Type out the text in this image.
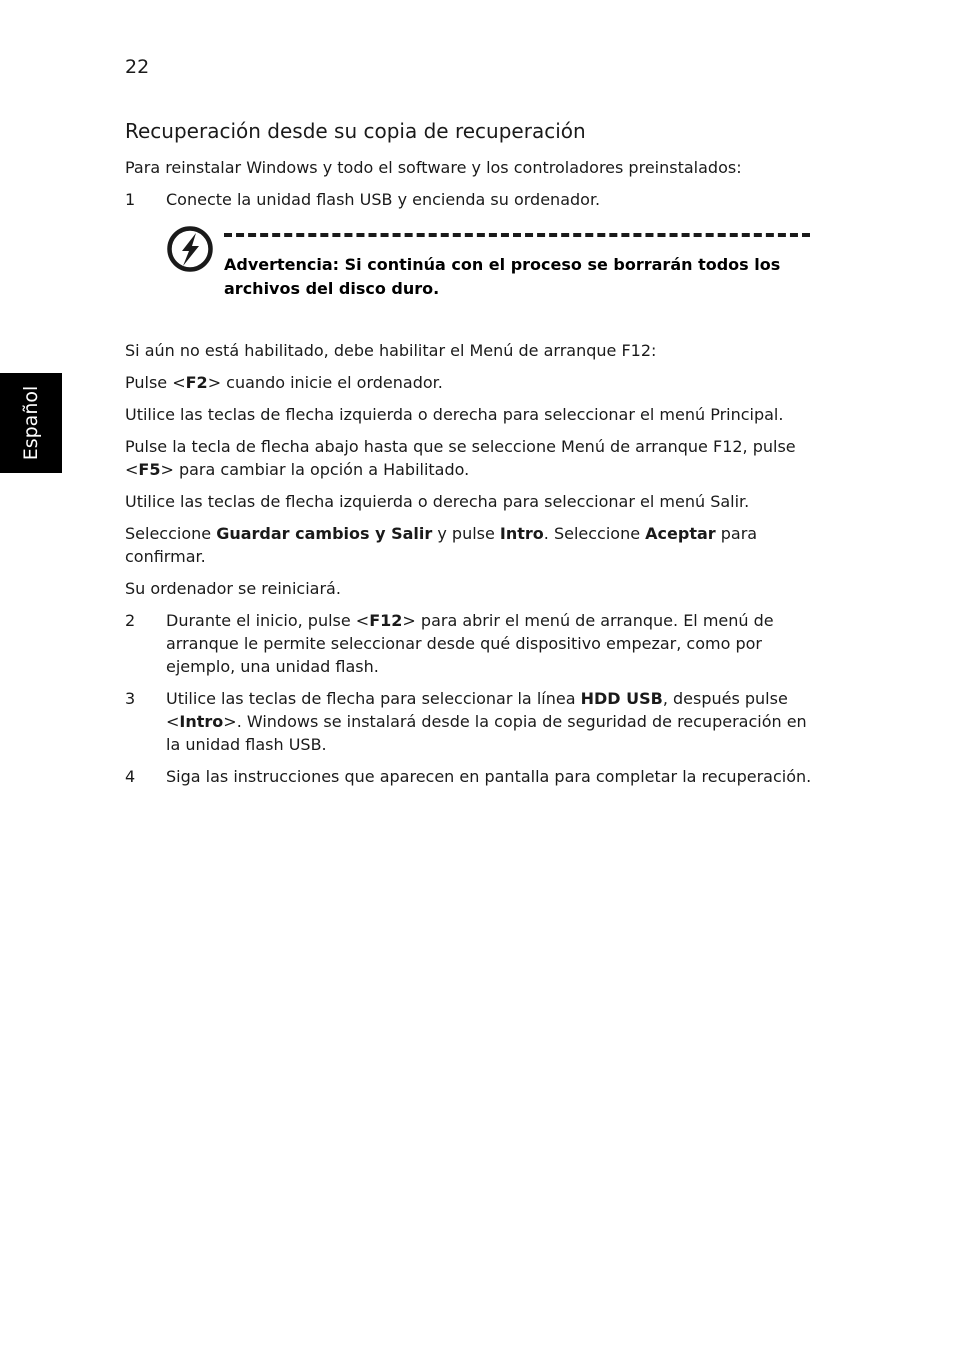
22
Español
Recuperación desde su copia de recuperación

Para reinstalar Windows y todo el software y los controladores preinstalados:

1 Conecte la unidad flash USB y encienda su ordenador.
Advertencia: Si continúa con el proceso se borrarán todos los archivos del disco duro.

Si aún no está habilitado, debe habilitar el Menú de arranque F12:

Pulse <F2> cuando inicie el ordenador.

Utilice las teclas de flecha izquierda o derecha para seleccionar el menú Principal.

Pulse la tecla de flecha abajo hasta que se seleccione Menú de arranque F12, pulse <F5> para cambiar la opción a Habilitado.

Utilice las teclas de flecha izquierda o derecha para seleccionar el menú Salir.

Seleccione Guardar cambios y Salir y pulse Intro. Seleccione Aceptar para confirmar.

Su ordenador se reiniciará.

2 Durante el inicio, pulse <F12> para abrir el menú de arranque. El menú de arranque le permite seleccionar desde qué dispositivo empezar, como por ejemplo, una unidad flash.
3 Utilice las teclas de flecha para seleccionar la línea HDD USB, después pulse <Intro>. Windows se instalará desde la copia de seguridad de recuperación en la unidad flash USB.
4 Siga las instrucciones que aparecen en pantalla para completar la recuperación.
